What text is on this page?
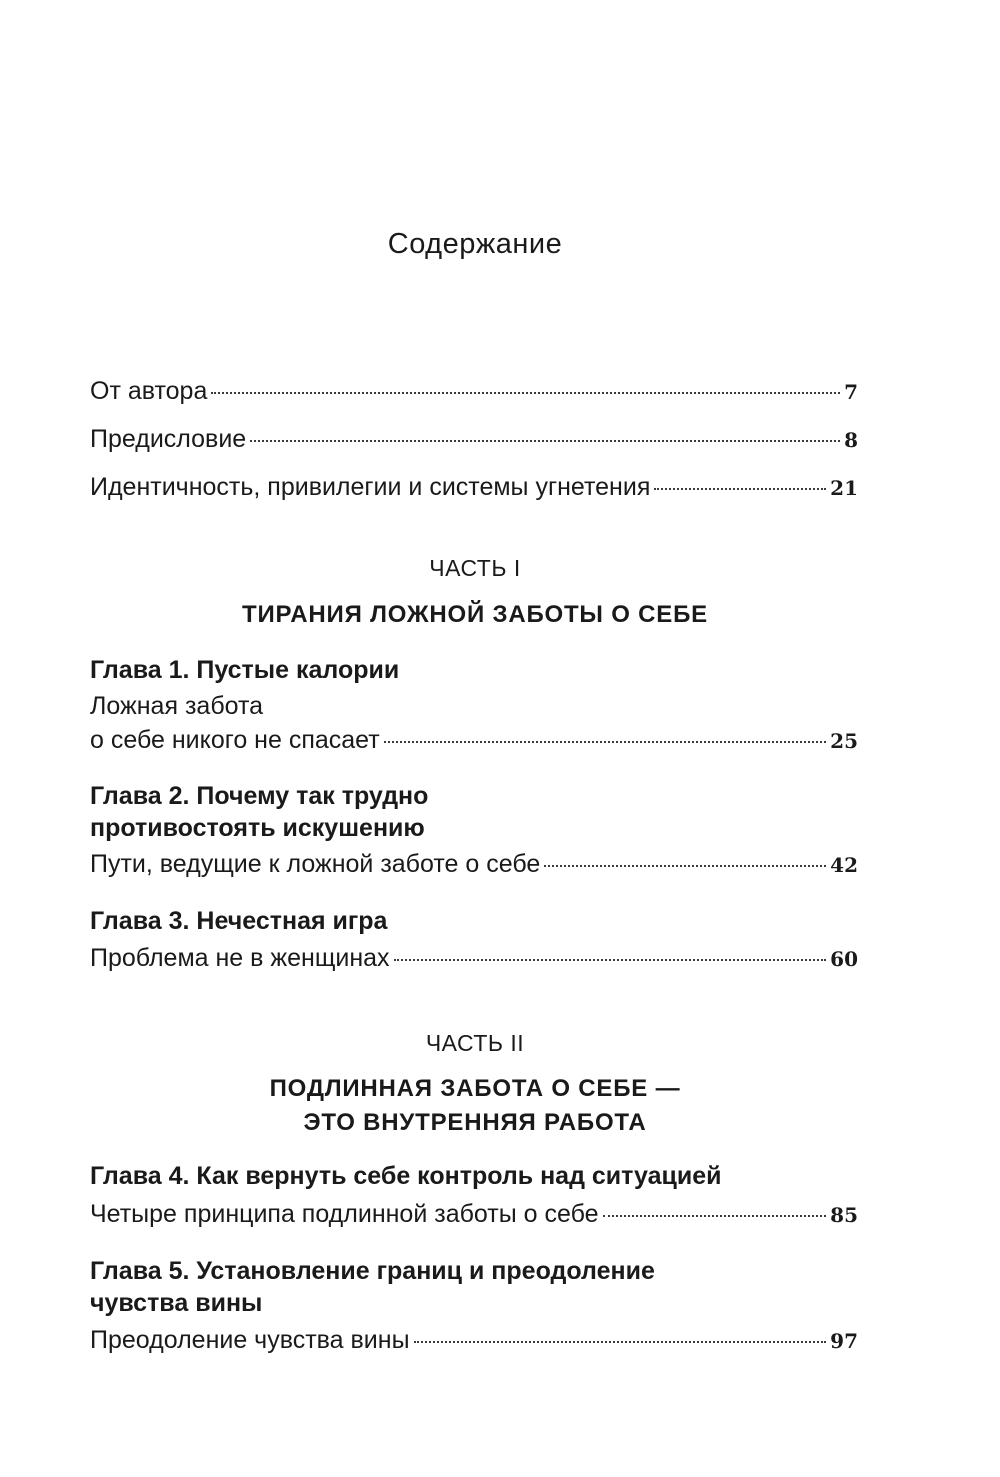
Содержание
От автора	7
Предисловие	8
Идентичность, привилегии и системы угнетения	21
ЧАСТЬ I
ТИРАНИЯ ЛОЖНОЙ ЗАБОТЫ О СЕБЕ
Глава 1. Пустые калории
Ложная забота
о себе никого не спасает	25
Глава 2. Почему так трудно
противостоять искушению
Пути, ведущие к ложной заботе о себе	42
Глава 3. Нечестная игра
Проблема не в женщинах	60
ЧАСТЬ II
ПОДЛИННАЯ ЗАБОТА О СЕБЕ —
ЭТО ВНУТРЕННЯЯ РАБОТА
Глава 4. Как вернуть себе контроль над ситуацией
Четыре принципа подлинной заботы о себе	85
Глава 5. Установление границ и преодоление
чувства вины
Преодоление чувства вины	97
